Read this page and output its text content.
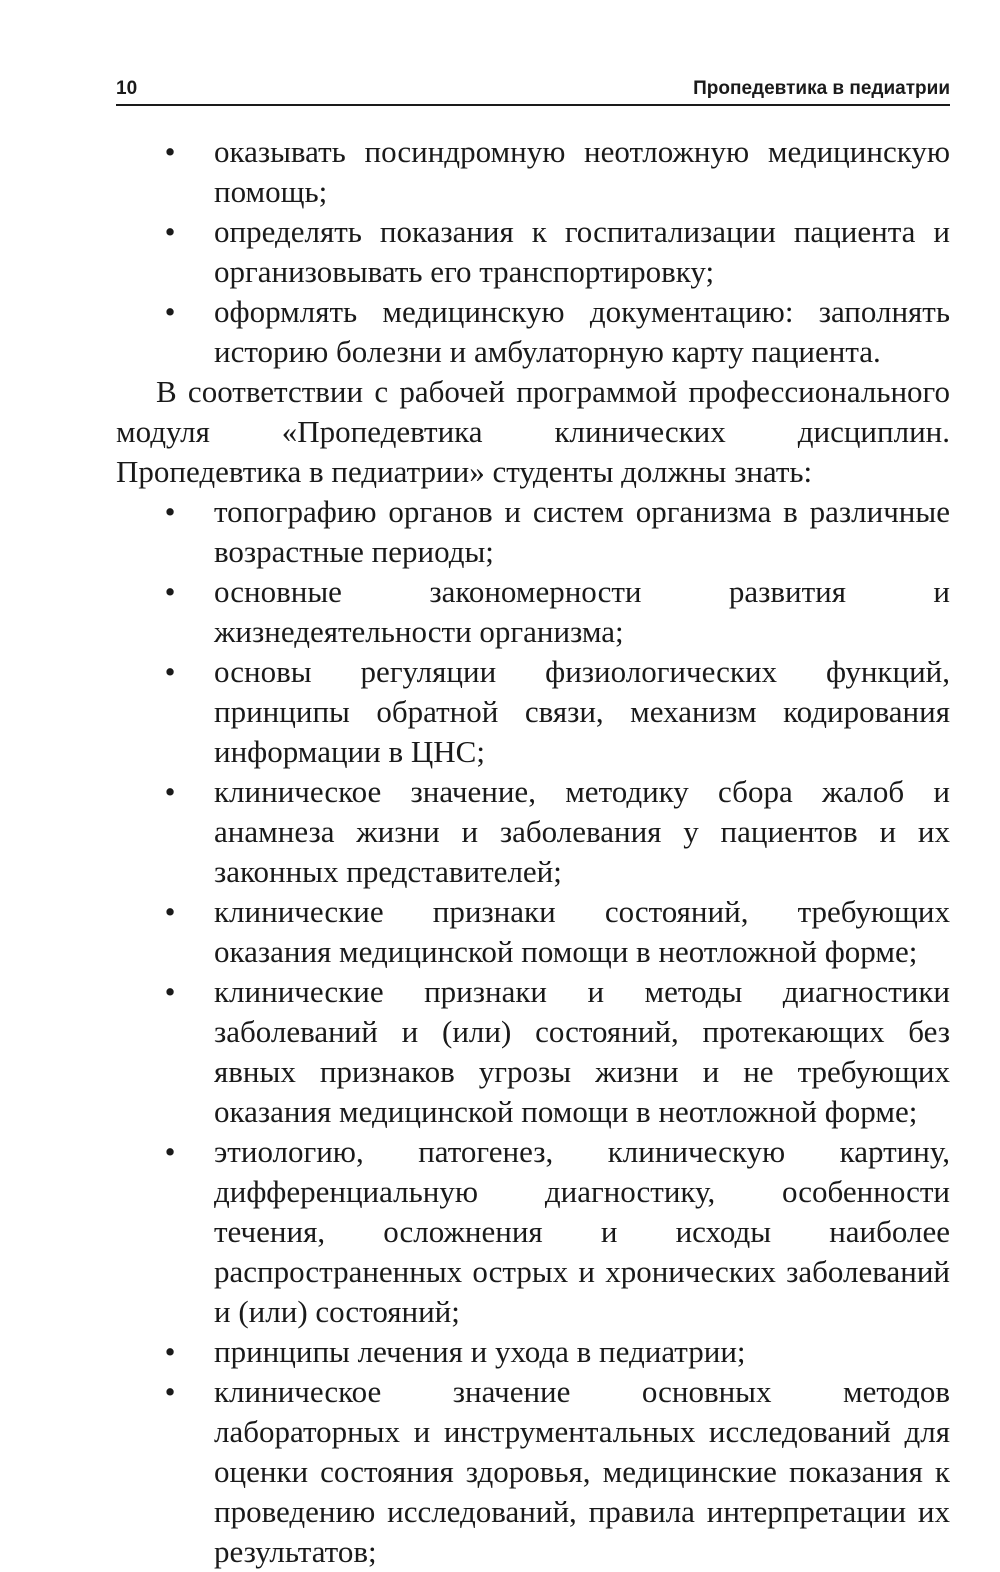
10	Пропедевтика в педиатрии
• оказывать посиндромную неотложную медицинскую помощь;
• определять показания к госпитализации пациента и организовывать его транспортировку;
• оформлять медицинскую документацию: заполнять историю болезни и амбулаторную карту пациента.

В соответствии с рабочей программой профессионального модуля «Пропедевтика клинических дисциплин. Пропедевтика в педиатрии» студенты должны знать:

• топографию органов и систем организма в различные возрастные периоды;
• основные закономерности развития и жизнедеятельности организма;
• основы регуляции физиологических функций, принципы обратной связи, механизм кодирования информации в ЦНС;
• клиническое значение, методику сбора жалоб и анамнеза жизни и заболевания у пациентов и их законных представителей;
• клинические признаки состояний, требующих оказания медицинской помощи в неотложной форме;
• клинические признаки и методы диагностики заболеваний и (или) состояний, протекающих без явных признаков угрозы жизни и не требующих оказания медицинской помощи в неотложной форме;
• этиологию, патогенез, клиническую картину, дифференциальную диагностику, особенности течения, осложнения и исходы наиболее распространенных острых и хронических заболеваний и (или) состояний;
• принципы лечения и ухода в педиатрии;
• клиническое значение основных методов лабораторных и инструментальных исследований для оценки состояния здоровья, медицинские показания к проведению исследований, правила интерпретации их результатов;
